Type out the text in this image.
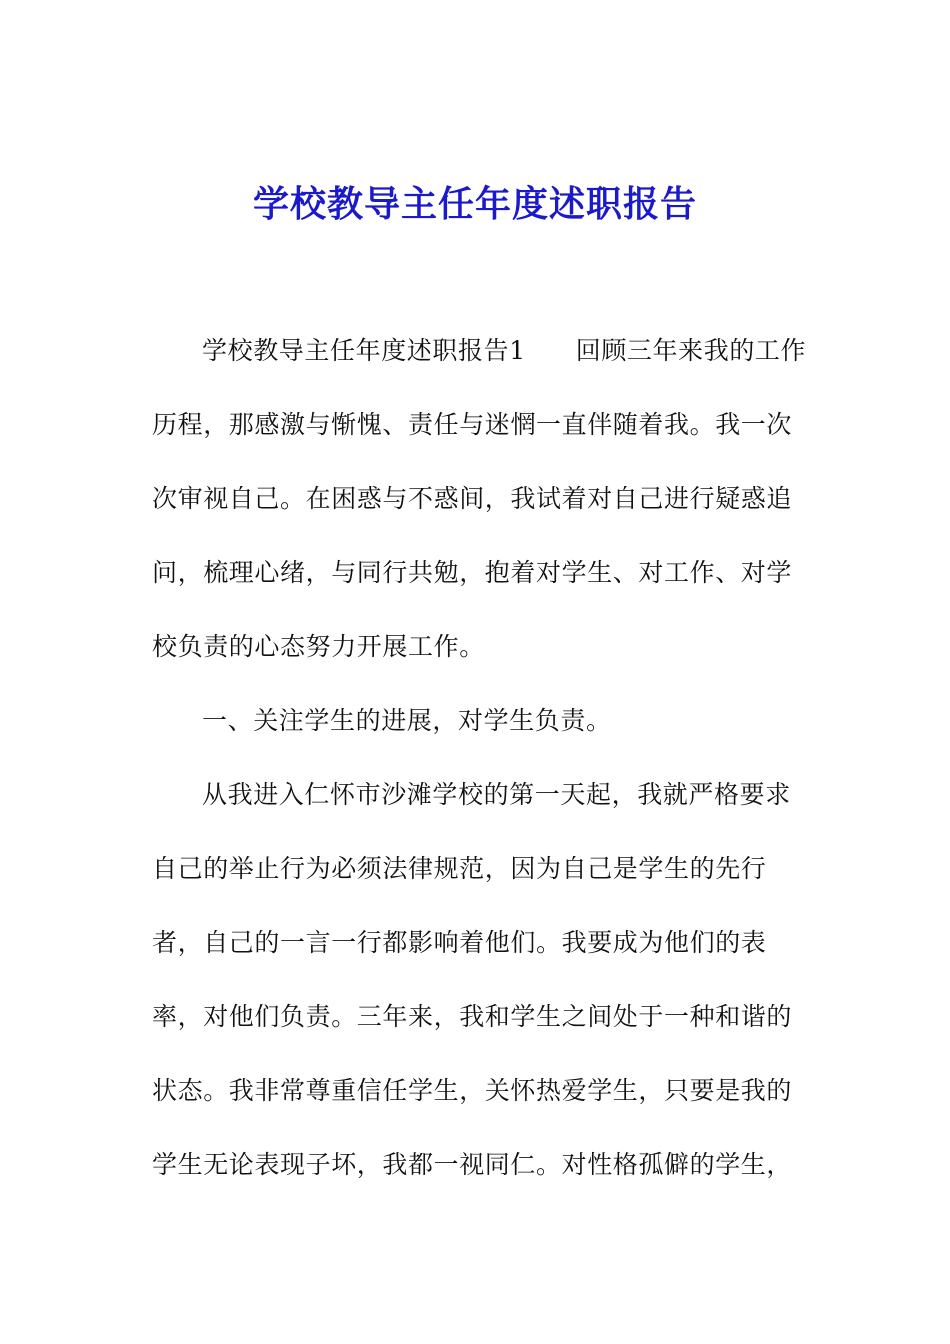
学校教导主任年度述职报告
学校教导主任年度述职报告1 回顾三年来我的工作
历程，那感激与惭愧、责任与迷惘一直伴随着我。我一次
次审视自己。在困惑与不惑间，我试着对自己进行疑惑追
问，梳理心绪，与同行共勉，抱着对学生、对工作、对学
校负责的心态努力开展工作。
一、关注学生的进展，对学生负责。
从我进入仁怀市沙滩学校的第一天起，我就严格要求
自己的举止行为必须法律规范，因为自己是学生的先行
者，自己的一言一行都影响着他们。我要成为他们的表
率，对他们负责。三年来，我和学生之间处于一种和谐的
状态。我非常尊重信任学生，关怀热爱学生，只要是我的
学生无论表现子坏，我都一视同仁。对性格孤僻的学生，
